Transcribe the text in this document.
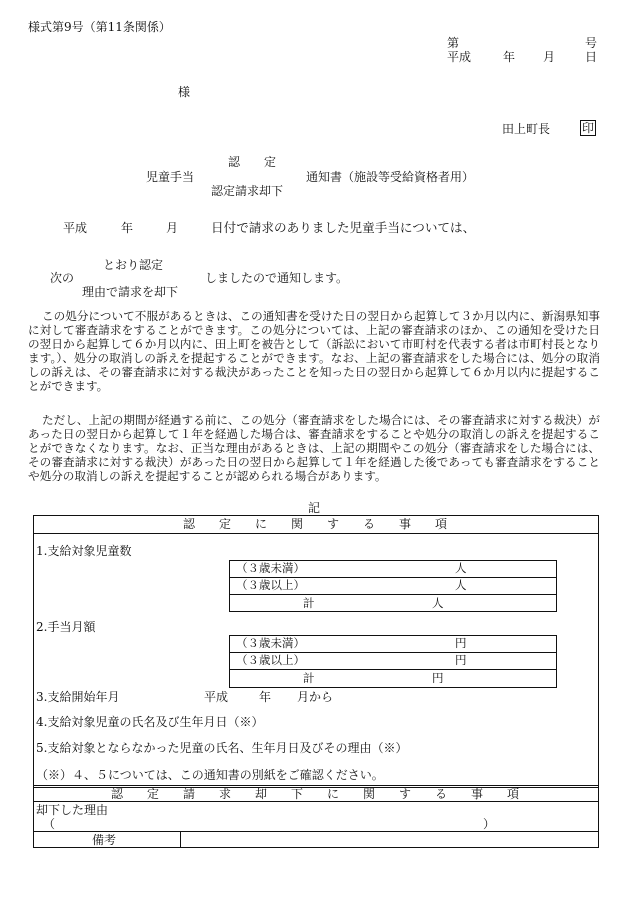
様式第9号（第11条関係）
第	号
平成	年 月 日
様
田上町長	印
認　　定
児童手当
認定請求却下
通知書（施設等受給資格者用）
平成	年	月	日付で請求のありました児童手当については、
とおり認定
次の
理由で請求を却下
しましたので通知します。
この処分について不服があるときは、この通知書を受けた日の翌日から起算して３か月以内に、新潟県知事に対して審査請求をすることができます。この処分については、上記の審査請求のほか、この通知を受けた日の翌日から起算して６か月以内に、田上町を被告として（訴訟において市町村を代表する者は市町村長となります。）、処分の取消しの訴えを提起することができます。なお、上記の審査請求をした場合には、処分の取消しの訴えは、その審査請求に対する裁決があったことを知った日の翌日から起算して６か月以内に提起することができます。
ただし、上記の期間が経過する前に、この処分（審査請求をした場合には、その審査請求に対する裁決）があった日の翌日から起算して１年を経過した場合は、審査請求をすることや処分の取消しの訴えを提起することができなくなります。なお、正当な理由があるときは、上記の期間やこの処分（審査請求をした場合には、その審査請求に対する裁決）があった日の翌日から起算して１年を経過した後であっても審査請求をすることや処分の取消しの訴えを提起することが認められる場合があります。
記
認　　定　　に　　関　　す　　る　　事　　項
1.支給対象児童数
（３歳未満）	人
（３歳以上）	人
計	人
2.手当月額
（３歳未満）	円
（３歳以上）	円
計	円
3.支給開始年月	平成	年 月から
4.支給対象児童の氏名及び生年月日（※）
5.支給対象とならなかった児童の氏名、生年月日及びその理由（※）
（※）４、５については、この通知書の別紙をご確認ください。
認　　定　　請　　求　　却　　下　　に　　関　　す　　る　　事　　項
却下した理由
（	）
備考
